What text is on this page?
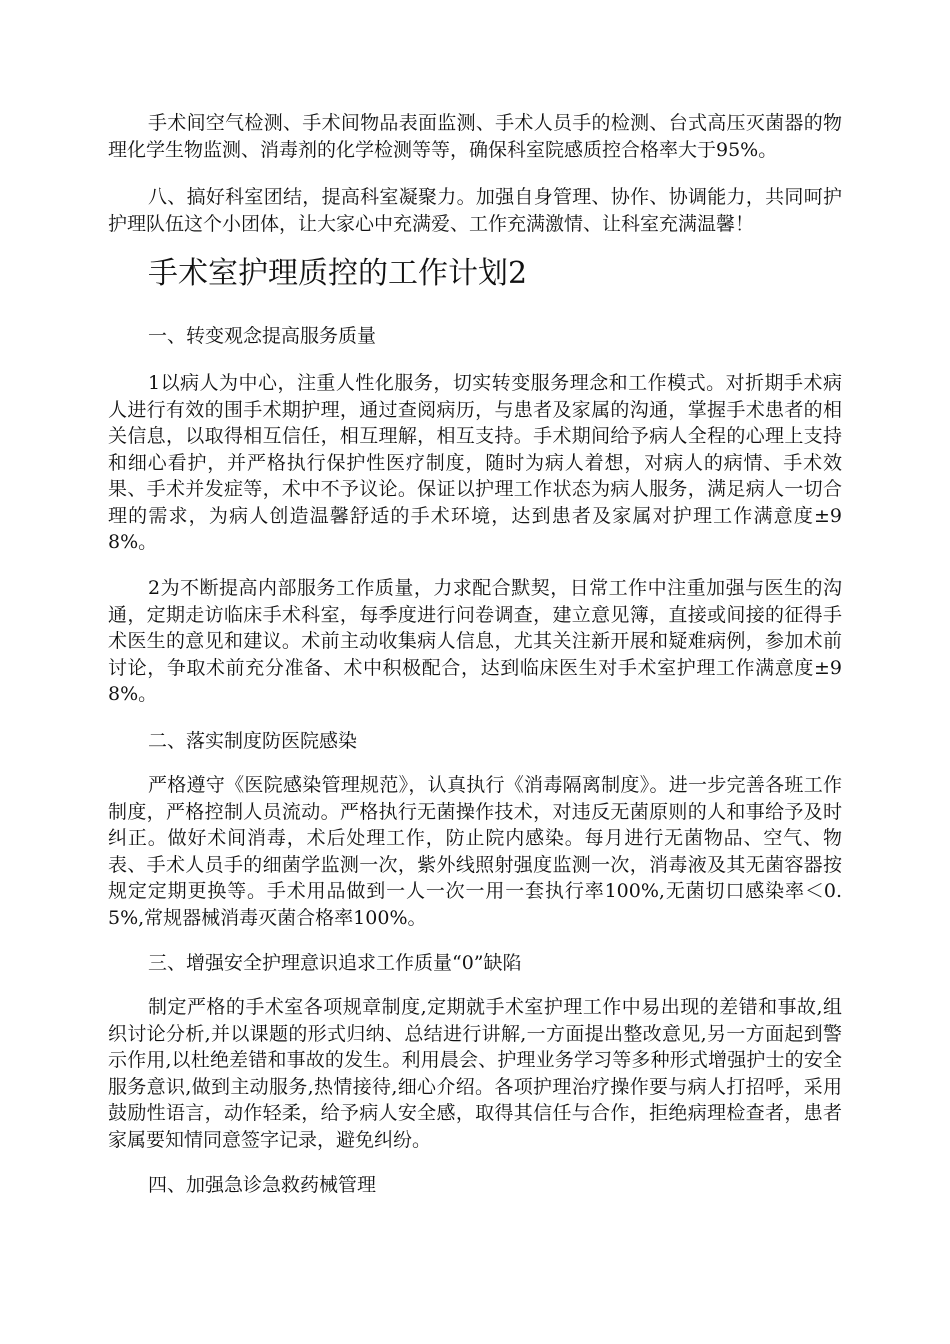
手术间空气检测、手术间物品表面监测、手术人员手的检测、台式高压灭菌器的物理化学生物监测、消毒剂的化学检测等等，确保科室院感质控合格率大于95%。

八、搞好科室团结，提高科室凝聚力。加强自身管理、协作、协调能力，共同呵护护理队伍这个小团体，让大家心中充满爱、工作充满激情、让科室充满温馨！

手术室护理质控的工作计划2
一、转变观念提高服务质量

1以病人为中心，注重人性化服务，切实转变服务理念和工作模式。对折期手术病人进行有效的围手术期护理，通过查阅病历，与患者及家属的沟通，掌握手术患者的相关信息，以取得相互信任，相互理解，相互支持。手术期间给予病人全程的心理上支持和细心看护，并严格执行保护性医疗制度，随时为病人着想，对病人的病情、手术效果、手术并发症等，术中不予议论。保证以护理工作状态为病人服务，满足病人一切合理的需求，为病人创造温馨舒适的手术环境，达到患者及家属对护理工作满意度±98%。

2为不断提高内部服务工作质量，力求配合默契，日常工作中注重加强与医生的沟通，定期走访临床手术科室，每季度进行问卷调查，建立意见簿，直接或间接的征得手术医生的意见和建议。术前主动收集病人信息，尤其关注新开展和疑难病例，参加术前讨论，争取术前充分准备、术中积极配合，达到临床医生对手术室护理工作满意度±98%。

二、落实制度防医院感染

严格遵守《医院感染管理规范》，认真执行《消毒隔离制度》。进一步完善各班工作制度，严格控制人员流动。严格执行无菌操作技术，对违反无菌原则的人和事给予及时纠正。做好术间消毒，术后处理工作，防止院内感染。每月进行无菌物品、空气、物表、手术人员手的细菌学监测一次，紫外线照射强度监测一次，消毒液及其无菌容器按规定定期更换等。手术用品做到一人一次一用一套执行率100%,无菌切口感染率＜0.5%,常规器械消毒灭菌合格率100%。

三、增强安全护理意识追求工作质量“0”缺陷

制定严格的手术室各项规章制度,定期就手术室护理工作中易出现的差错和事故,组织讨论分析,并以课题的形式归纳、总结进行讲解,一方面提出整改意见,另一方面起到警示作用,以杜绝差错和事故的发生。利用晨会、护理业务学习等多种形式增强护士的安全服务意识,做到主动服务,热情接待,细心介绍。各项护理治疗操作要与病人打招呼，采用鼓励性语言，动作轻柔，给予病人安全感，取得其信任与合作，拒绝病理检查者，患者家属要知情同意签字记录，避免纠纷。

四、加强急诊急救药械管理
